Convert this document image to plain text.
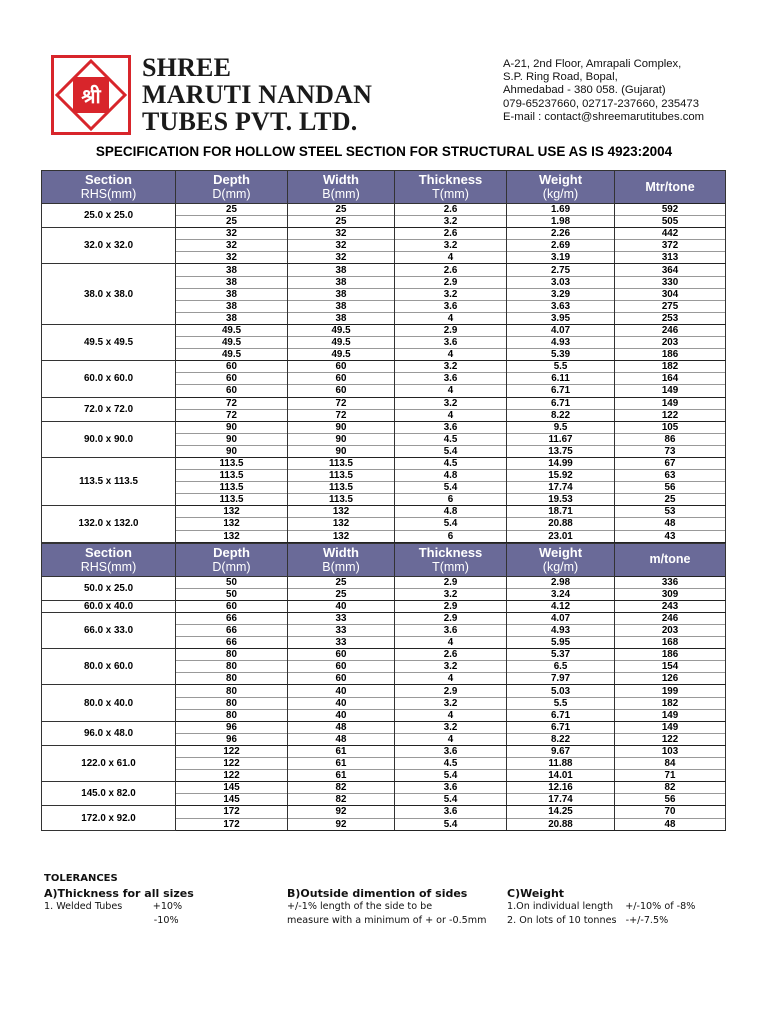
श्री
SHREE
MARUTI NANDAN
TUBES PVT. LTD.
A-21, 2nd Floor, Amrapali Complex,
S.P. Ring Road, Bopal,
Ahmedabad - 380 058. (Gujarat)
079-65237660, 02717-237660, 235473
E-mail : contact@shreemarutitubes.com
SPECIFICATION FOR HOLLOW STEEL SECTION FOR STRUCTURAL USE AS IS 4923:2004
Section	Depth	Width	Thickness	Weight	Mtr/tone
RHS(mm)	D(mm)	B(mm)	T(mm)	(kg/m)	
25.0 x 25.0	25	25	2.6	1.69	592
	25	25	3.2	1.98	505
32.0 x 32.0	32	32	2.6	2.26	442
	32	32	3.2	2.69	372
	32	32	4	3.19	313
38.0 x 38.0	38	38	2.6	2.75	364
	38	38	2.9	3.03	330
	38	38	3.2	3.29	304
	38	38	3.6	3.63	275
	38	38	4	3.95	253
49.5 x 49.5	49.5	49.5	2.9	4.07	246
	49.5	49.5	3.6	4.93	203
	49.5	49.5	4	5.39	186
60.0 x 60.0	60	60	3.2	5.5	182
	60	60	3.6	6.11	164
	60	60	4	6.71	149
72.0 x 72.0	72	72	3.2	6.71	149
	72	72	4	8.22	122
90.0 x 90.0	90	90	3.6	9.5	105
	90	90	4.5	11.67	86
	90	90	5.4	13.75	73
113.5 x 113.5	113.5	113.5	4.5	14.99	67
	113.5	113.5	4.8	15.92	63
	113.5	113.5	5.4	17.74	56
	113.5	113.5	6	19.53	25
132.0 x 132.0	132	132	4.8	18.71	53
	132	132	5.4	20.88	48
	132	132	6	23.01	43
Section	Depth	Width	Thickness	Weight	m/tone
RHS(mm)	D(mm)	B(mm)	T(mm)	(kg/m)	
50.0 x 25.0	50	25	2.9	2.98	336
	50	25	3.2	3.24	309
60.0 x 40.0	60	40	2.9	4.12	243
66.0 x 33.0	66	33	2.9	4.07	246
	66	33	3.6	4.93	203
	66	33	4	5.95	168
80.0 x 60.0	80	60	2.6	5.37	186
	80	60	3.2	6.5	154
	80	60	4	7.97	126
80.0 x 40.0	80	40	2.9	5.03	199
	80	40	3.2	5.5	182
	80	40	4	6.71	149
96.0 x 48.0	96	48	3.2	6.71	149
	96	48	4	8.22	122
122.0 x 61.0	122	61	3.6	9.67	103
	122	61	4.5	11.88	84
	122	61	5.4	14.01	71
145.0 x 82.0	145	82	3.6	12.16	82
	145	82	5.4	17.74	56
172.0 x 92.0	172	92	3.6	14.25	70
	172	92	5.4	20.88	48
TOLERANCES
A)Thickness for all sizes
1. Welded Tubes          +10%
-10%
B)Outside dimention of sides
+/-1% length of the side to be
measure with a minimum of + or -0.5mm
C)Weight
1.On individual length    +/-10% of -8%
2. On lots of 10 tonnes   -+/-7.5%
